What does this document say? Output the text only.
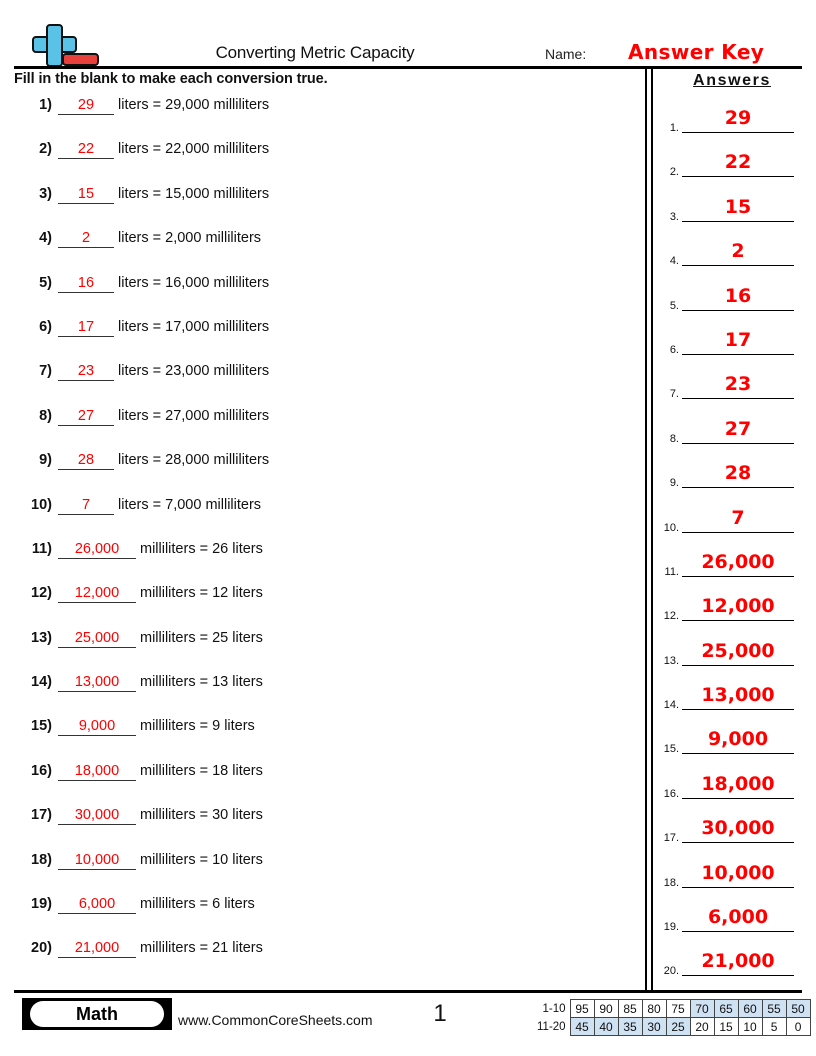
Converting Metric Capacity	Name: Answer Key
Fill in the blank to make each conversion true.
1)	29	liters = 29,000 milliliters
2)	22	liters = 22,000 milliliters
3)	15	liters = 15,000 milliliters
4)	2	liters = 2,000 milliliters
5)	16	liters = 16,000 milliliters
6)	17	liters = 17,000 milliliters
7)	23	liters = 23,000 milliliters
8)	27	liters = 27,000 milliliters
9)	28	liters = 28,000 milliliters
10)	7	liters = 7,000 milliliters
11)	26,000	milliliters = 26 liters
12)	12,000	milliliters = 12 liters
13)	25,000	milliliters = 25 liters
14)	13,000	milliliters = 13 liters
15)	9,000	milliliters = 9 liters
16)	18,000	milliliters = 18 liters
17)	30,000	milliliters = 30 liters
18)	10,000	milliliters = 10 liters
19)	6,000	milliliters = 6 liters
20)	21,000	milliliters = 21 liters
Answers
1.	29
2.	22
3.	15
4.	2
5.	16
6.	17
7.	23
8.	27
9.	28
10.	7
11.	26,000
12.	12,000
13.	25,000
14.	13,000
15.	9,000
16.	18,000
17.	30,000
18.	10,000
19.	6,000
20.	21,000
Math	www.CommonCoreSheets.com	1	1-10	95	90	85	80	75	70	65	60	55	50
11-20	45	40	35	30	25	20	15	10	5	0
